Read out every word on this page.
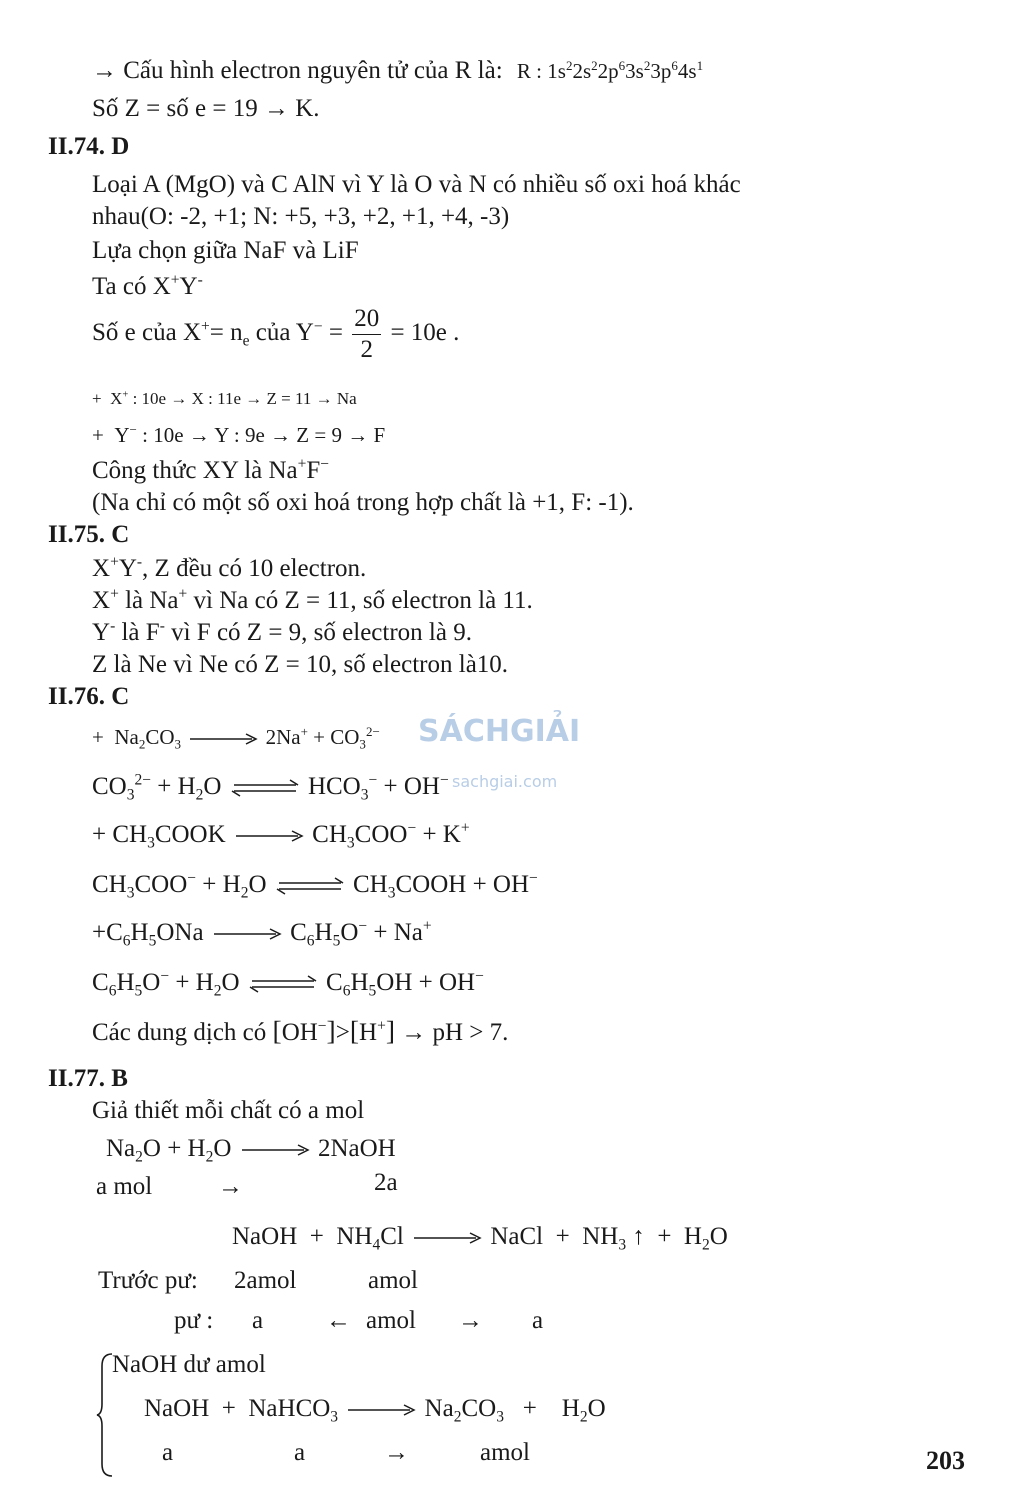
→ Cấu hình electron nguyên tử của R là: R : $1s^22s^22p^63s^23p^64s^1$
Số Z = số e = 19 → K.
II.74. D
Loại A (MgO) và C AlN vì Y là O và N có nhiều số oxi hoá khác
nhau(O: -2, +1; N: +5, +3, +2, +1, +4, -3)
Lựa chọn giữa NaF và LiF
Ta có X+Y-
Số e của $X^+= n_e$ của $Y^- = \frac{20}{2} = 10e$ .
+  X+ : 10e → X : 11e → Z = 11 → Na
+  Y− : 10e → Y : 9e → Z = 9 → F
Công thức XY là Na+F−
(Na chỉ có một số oxi hoá trong hợp chất là +1, F: -1).
II.75. C
X+Y-, Z đều có 10 electron.
X+ là Na+ vì Na có Z = 11, số electron là 11.
Y- là F- vì F có Z = 9, số electron là 9.
Z là Ne vì Ne có Z = 10, số electron là10.
II.76. C
SÁCHGIẢI
sachgiai.com
+  $Na_2CO_3 \to 2Na^+ + CO_3^{2-}$
$CO_3^{2-} + H_2O$ ⇌ $HCO_3^- + OH^-$
+ $CH_3COOK \to CH_3COO^- + K^+$
$CH_3COO^- + H_2O$ ⇌ $CH_3COOH + OH^-$
$+C_6H_5ONa \to C_6H_5O^- + Na^+$
$C_6H_5O^- + H_2O$ ⇌ $C_6H_5OH + OH^-$
Các dung dịch có [OH−]>[H+] → pH > 7.
II.77. B
Giả thiết mỗi chất có a mol
$Na_2O + H_2O$ → 2NaOH
a mol	→	2a
NaOH  +  $NH_4Cl$ → NaCl  +  $NH_3$ ↑  +  $H_2O$
Trước pư: 2amol	amol
pư : a	← amol → a
NaOH dư amol
NaOH  +  NaHCO$_3$ → $Na_2CO_3$   +    $H_2O$
a	a	→	amol	203
